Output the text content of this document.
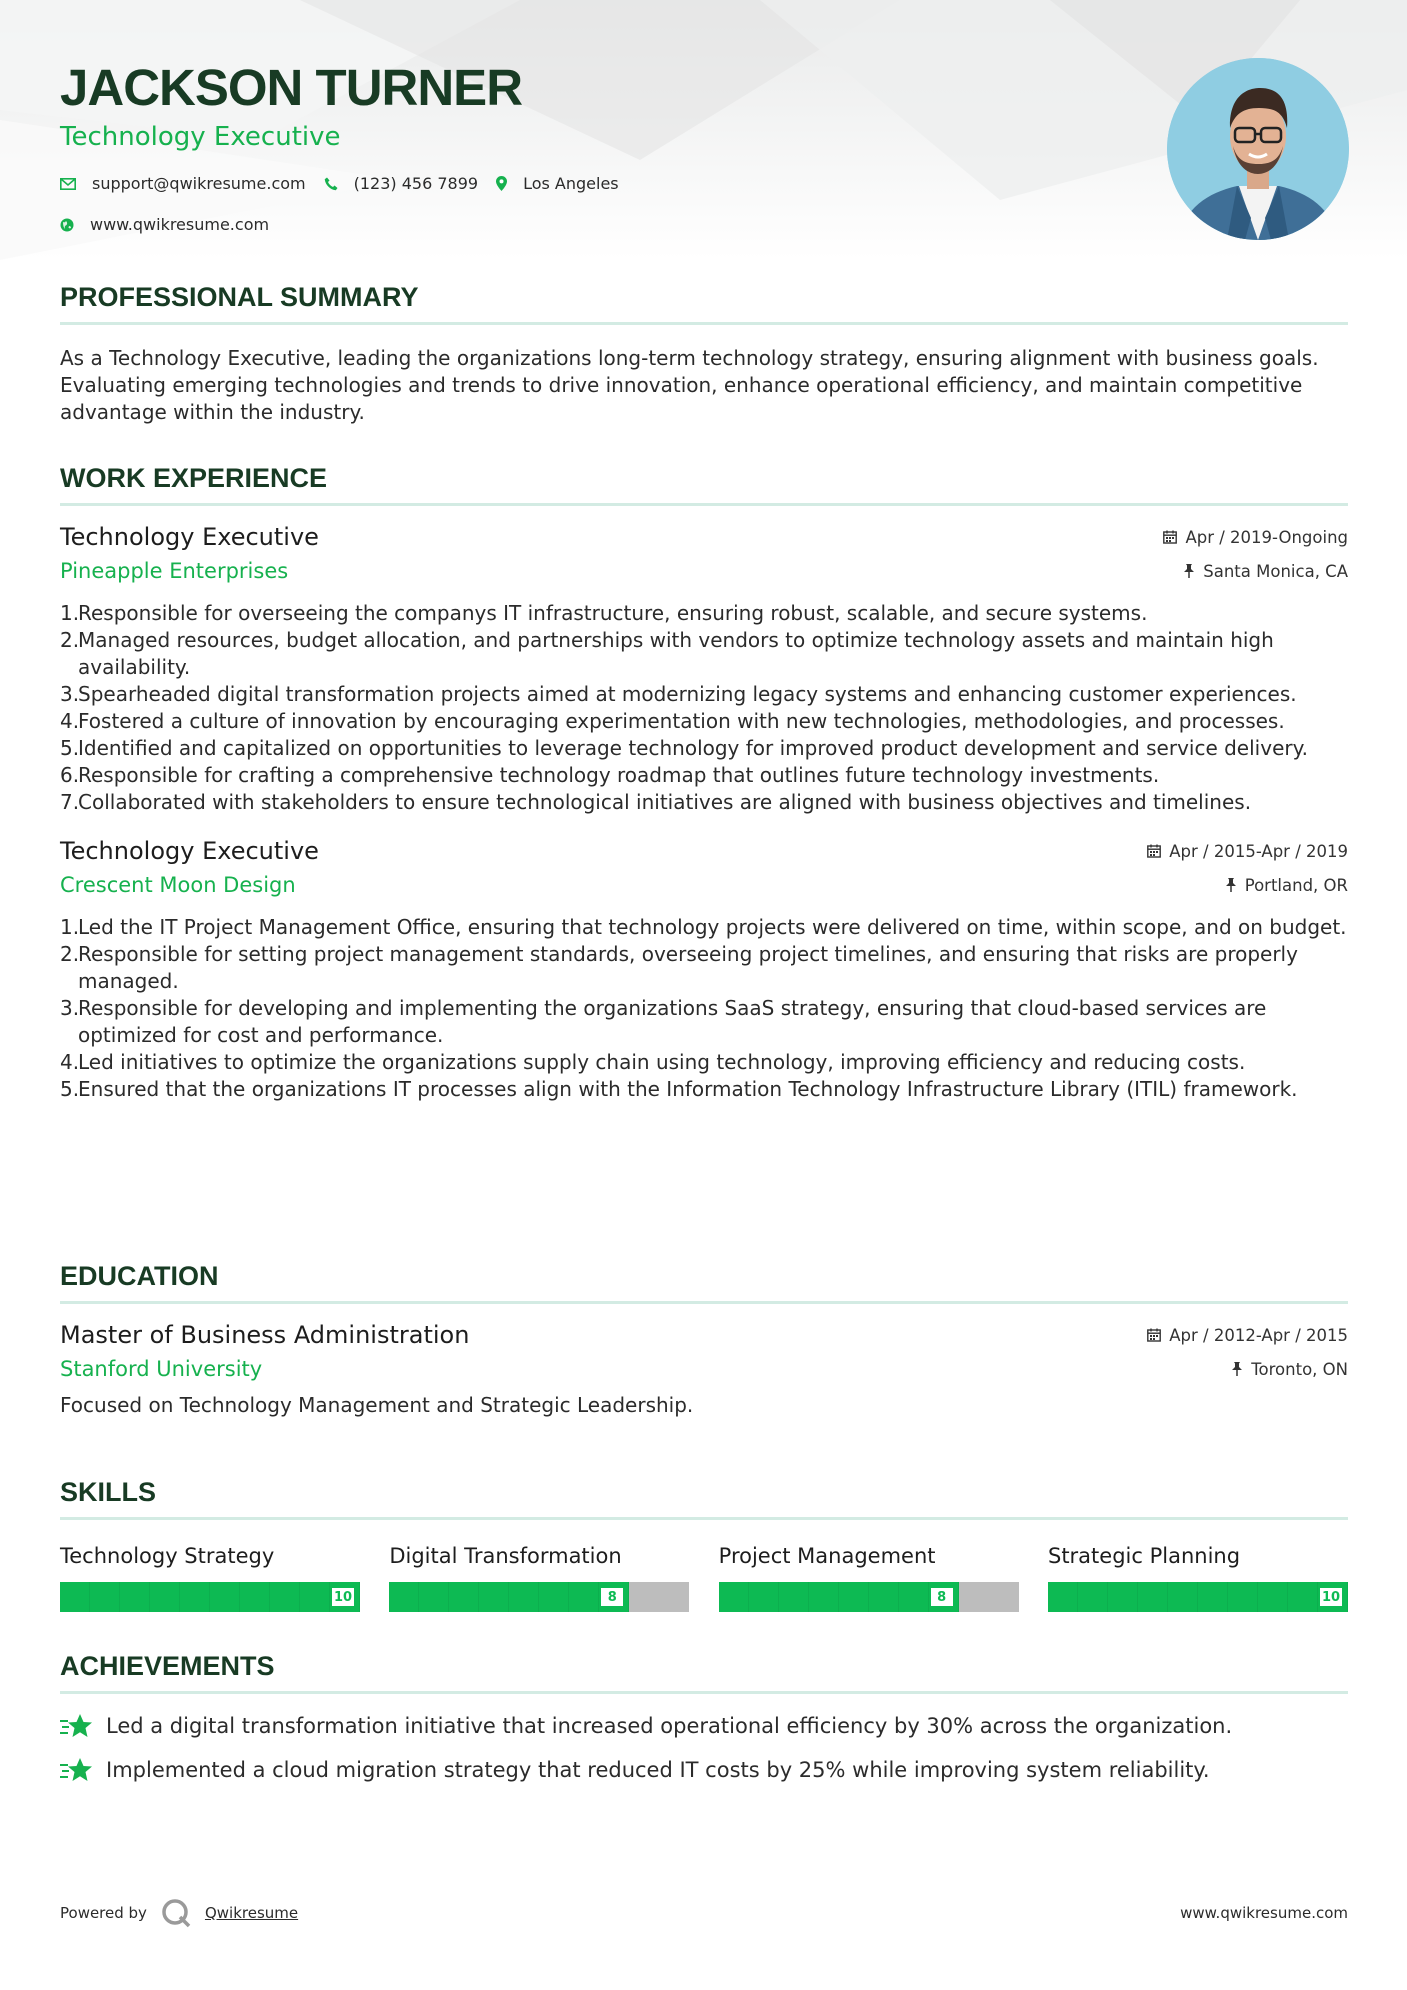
JACKSON TURNER
Technology Executive
support@qwikresume.com	(123) 456 7899	Los Angeles
www.qwikresume.com
PROFESSIONAL SUMMARY
As a Technology Executive, leading the organizations long-term technology strategy, ensuring alignment with business goals. Evaluating emerging technologies and trends to drive innovation, enhance operational efficiency, and maintain competitive advantage within the industry.
WORK EXPERIENCE
Technology Executive
Pineapple Enterprises
Apr / 2019-Ongoing
Santa Monica, CA
1.
Responsible for overseeing the companys IT infrastructure, ensuring robust, scalable, and secure systems.
2.
Managed resources, budget allocation, and partnerships with vendors to optimize technology assets and maintain high availability.
3.
Spearheaded digital transformation projects aimed at modernizing legacy systems and enhancing customer experiences.
4.
Fostered a culture of innovation by encouraging experimentation with new technologies, methodologies, and processes.
5.
Identified and capitalized on opportunities to leverage technology for improved product development and service delivery.
6.
Responsible for crafting a comprehensive technology roadmap that outlines future technology investments.
7.
Collaborated with stakeholders to ensure technological initiatives are aligned with business objectives and timelines.
Technology Executive
Crescent Moon Design
Apr / 2015-Apr / 2019
Portland, OR
1.
Led the IT Project Management Office, ensuring that technology projects were delivered on time, within scope, and on budget.
2.
Responsible for setting project management standards, overseeing project timelines, and ensuring that risks are properly managed.
3.
Responsible for developing and implementing the organizations SaaS strategy, ensuring that cloud-based services are optimized for cost and performance.
4.
Led initiatives to optimize the organizations supply chain using technology, improving efficiency and reducing costs.
5.
Ensured that the organizations IT processes align with the Information Technology Infrastructure Library (ITIL) framework.
EDUCATION
Master of Business Administration
Stanford University
Apr / 2012-Apr / 2015
Toronto, ON
Focused on Technology Management and Strategic Leadership.
SKILLS
Technology Strategy
10
Digital Transformation
8
Project Management
8
Strategic Planning
10
ACHIEVEMENTS
Led a digital transformation initiative that increased operational efficiency by 30% across the organization.
Implemented a cloud migration strategy that reduced IT costs by 25% while improving system reliability.
Powered by	Qwikresume	www.qwikresume.com
